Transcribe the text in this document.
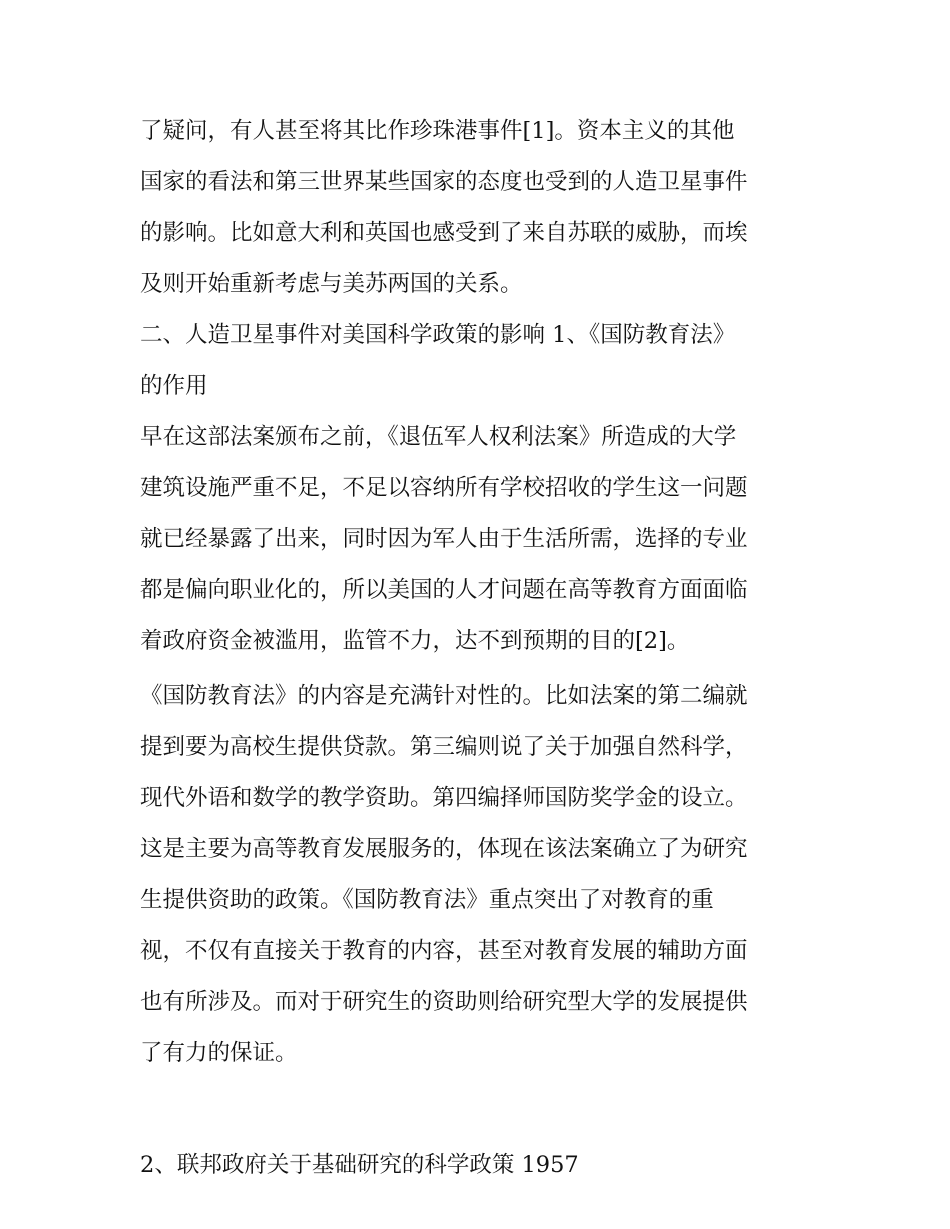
了疑问，有人甚至将其比作珍珠港事件[1]。资本主义的其他
国家的看法和第三世界某些国家的态度也受到的人造卫星事件
的影响。比如意大利和英国也感受到了来自苏联的威胁，而埃
及则开始重新考虑与美苏两国的关系。
二、人造卫星事件对美国科学政策的影响 1、《国防教育法》
的作用
早在这部法案颁布之前，《退伍军人权利法案》所造成的大学
建筑设施严重不足，不足以容纳所有学校招收的学生这一问题
就已经暴露了出来，同时因为军人由于生活所需，选择的专业
都是偏向职业化的，所以美国的人才问题在高等教育方面面临
着政府资金被滥用，监管不力，达不到预期的目的[2]。
《国防教育法》的内容是充满针对性的。比如法案的第二编就
提到要为高校生提供贷款。第三编则说了关于加强自然科学，
现代外语和数学的教学资助。第四编择师国防奖学金的设立。
这是主要为高等教育发展服务的，体现在该法案确立了为研究
生提供资助的政策。《国防教育法》重点突出了对教育的重
视，不仅有直接关于教育的内容，甚至对教育发展的辅助方面
也有所涉及。而对于研究生的资助则给研究型大学的发展提供
了有力的保证。
2、联邦政府关于基础研究的科学政策 1957
